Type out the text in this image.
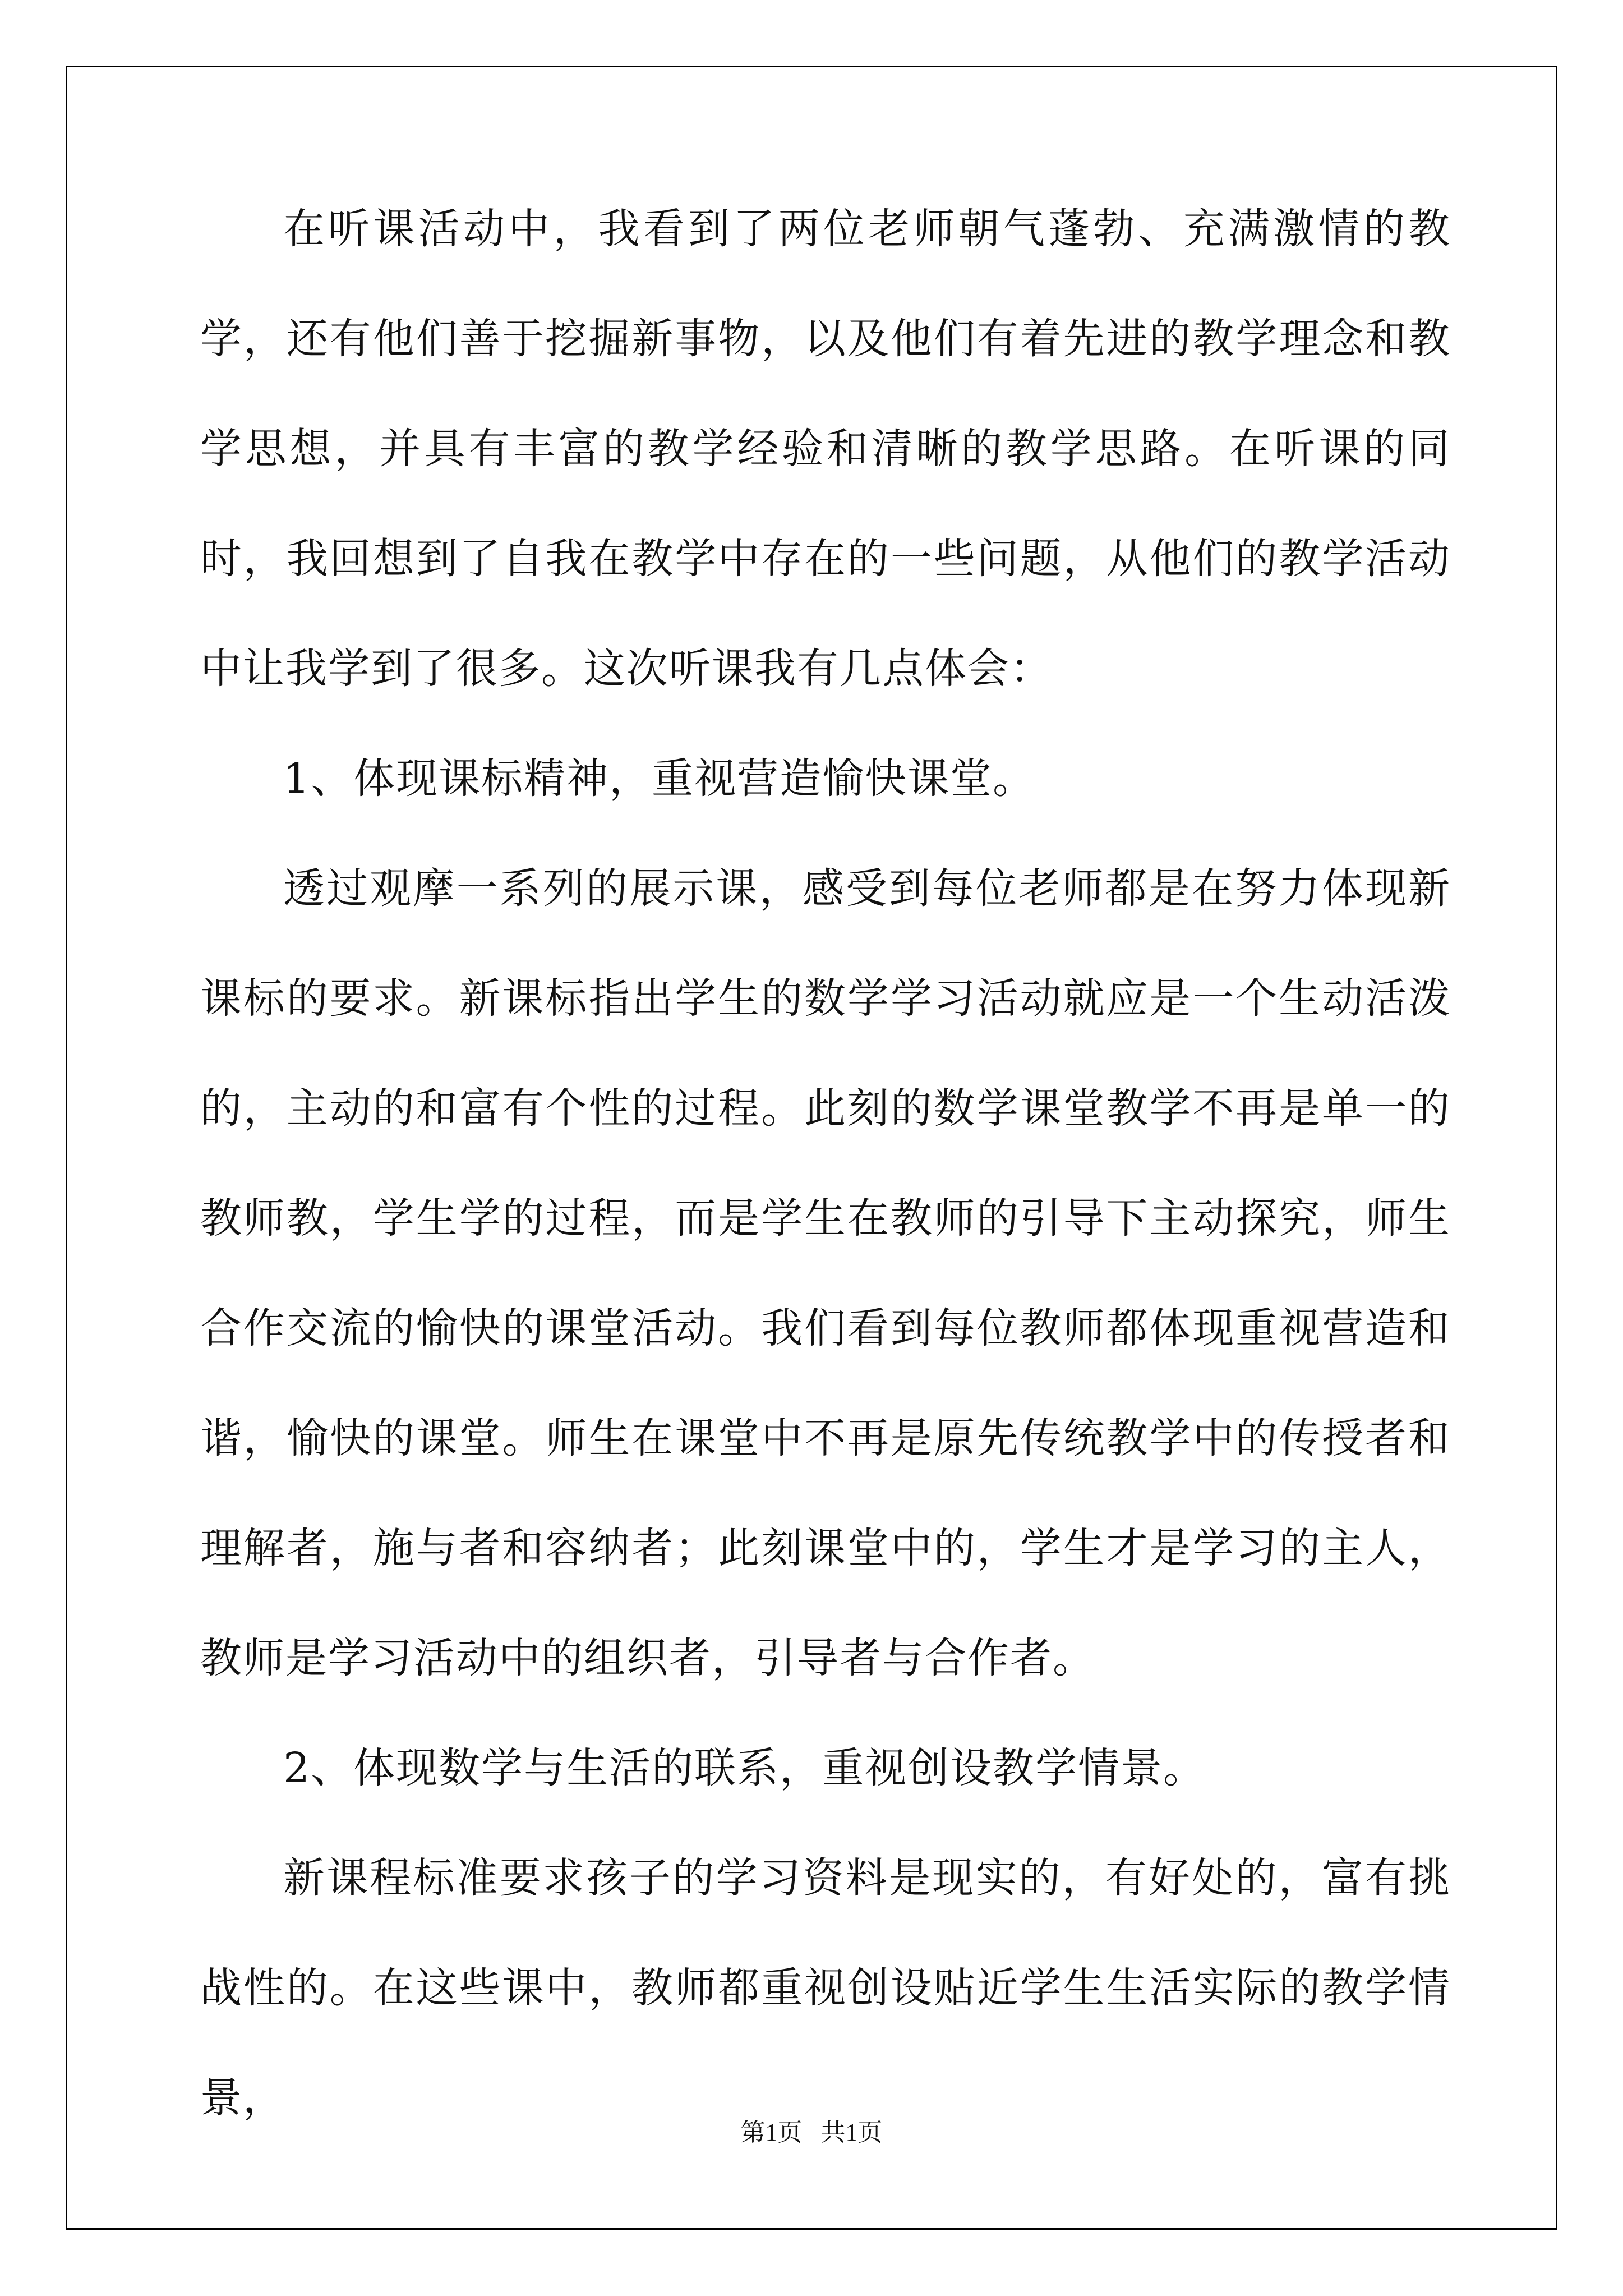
在听课活动中，我看到了两位老师朝气蓬勃、充满激情的教学，还有他们善于挖掘新事物，以及他们有着先进的教学理念和教学思想，并具有丰富的教学经验和清晰的教学思路。在听课的同时，我回想到了自我在教学中存在的一些问题，从他们的教学活动中让我学到了很多。这次听课我有几点体会：

1、体现课标精神，重视营造愉快课堂。

透过观摩一系列的展示课，感受到每位老师都是在努力体现新课标的要求。新课标指出学生的数学学习活动就应是一个生动活泼的，主动的和富有个性的过程。此刻的数学课堂教学不再是单一的教师教，学生学的过程，而是学生在教师的引导下主动探究，师生合作交流的愉快的课堂活动。我们看到每位教师都体现重视营造和谐，愉快的课堂。师生在课堂中不再是原先传统教学中的传授者和理解者，施与者和容纳者；此刻课堂中的，学生才是学习的主人，教师是学习活动中的组织者，引导者与合作者。

2、体现数学与生活的联系，重视创设教学情景。

新课程标准要求孩子的学习资料是现实的，有好处的，富有挑战性的。在这些课中，教师都重视创设贴近学生生活实际的教学情景，

第1页   共1页
